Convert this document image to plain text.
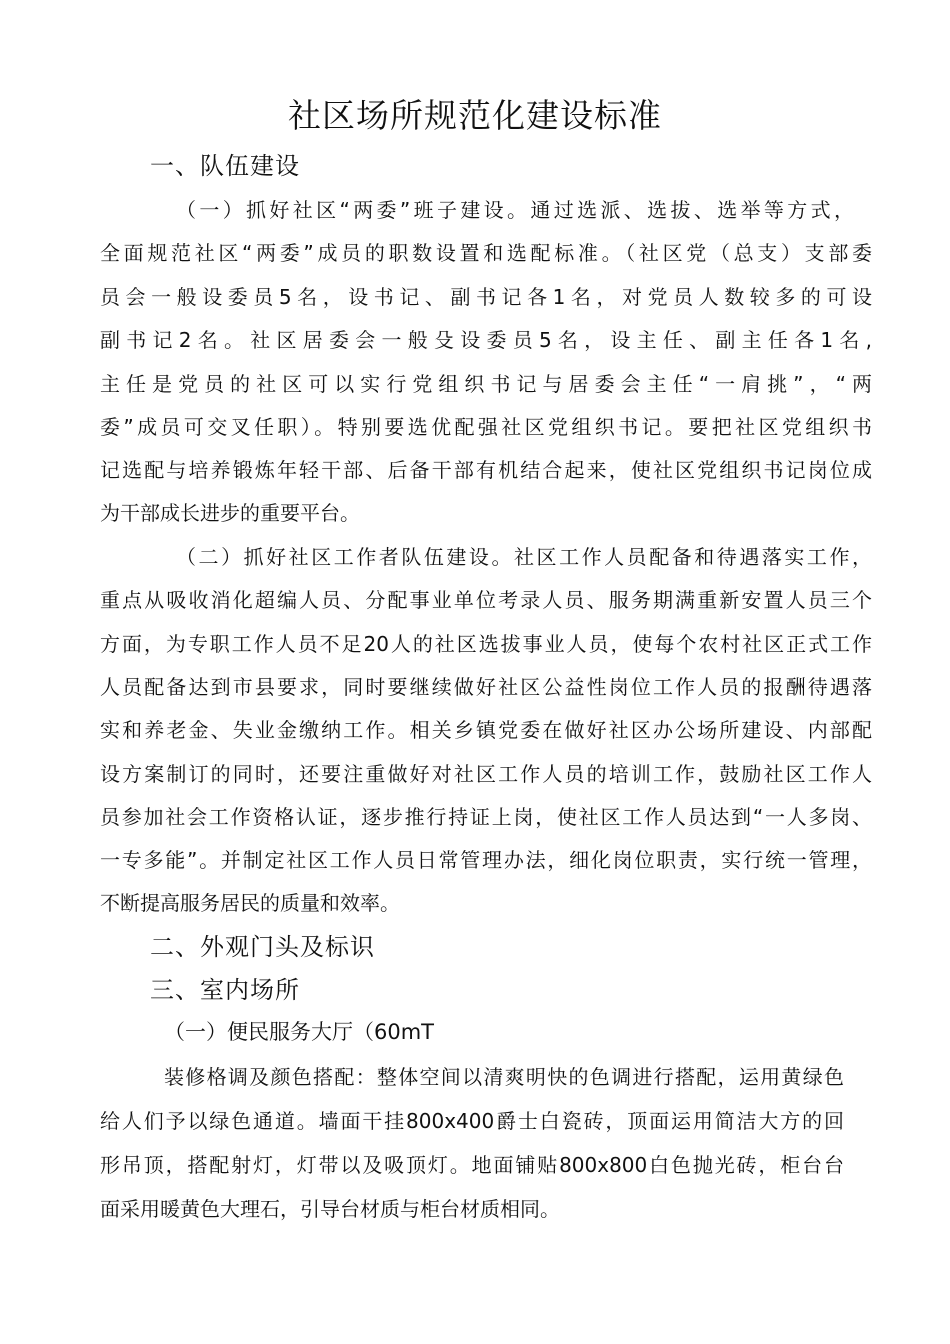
社区场所规范化建设标准
一、队伍建设
（一）抓好社区“两委”班子建设。通过选派、选拔、选举等方式，
全面规范社区“两委”成员的职数设置和选配标准。（社区党（总支）支部委
员会一般设委员5名，设书记、副书记各1名，对党员人数较多的可设
副书记2名。社区居委会一般殳设委员5名，设主任、副主任各1名,
主任是党员的社区可以实行党组织书记与居委会主任“一肩挑”，“两
委”成员可交叉任职）。特别要选优配强社区党组织书记。要把社区党组织书
记选配与培养锻炼年轻干部、后备干部有机结合起来，使社区党组织书记岗位成
为干部成长进步的重要平台。
（二）抓好社区工作者队伍建设。社区工作人员配备和待遇落实工作，
重点从吸收消化超编人员、分配事业单位考录人员、服务期满重新安置人员三个
方面，为专职工作人员不足20人的社区选拔事业人员，使每个农村社区正式工作
人员配备达到市县要求，同时要继续做好社区公益性岗位工作人员的报酬待遇落
实和养老金、失业金缴纳工作。相关乡镇党委在做好社区办公场所建设、内部配
设方案制订的同时，还要注重做好对社区工作人员的培训工作，鼓励社区工作人
员参加社会工作资格认证，逐步推行持证上岗，使社区工作人员达到“一人多岗、
一专多能”。并制定社区工作人员日常管理办法，细化岗位职责，实行统一管理，
不断提高服务居民的质量和效率。
二、外观门头及标识
三、室内场所
（一）便民服务大厅（60mT
装修格调及颜色搭配：整体空间以清爽明快的色调进行搭配，运用黄绿色
给人们予以绿色通道。墙面干挂800x400爵士白瓷砖，顶面运用简洁大方的回
形吊顶，搭配射灯，灯带以及吸顶灯。地面铺贴800x800白色抛光砖，柜台台
面采用暖黄色大理石，引导台材质与柜台材质相同。
